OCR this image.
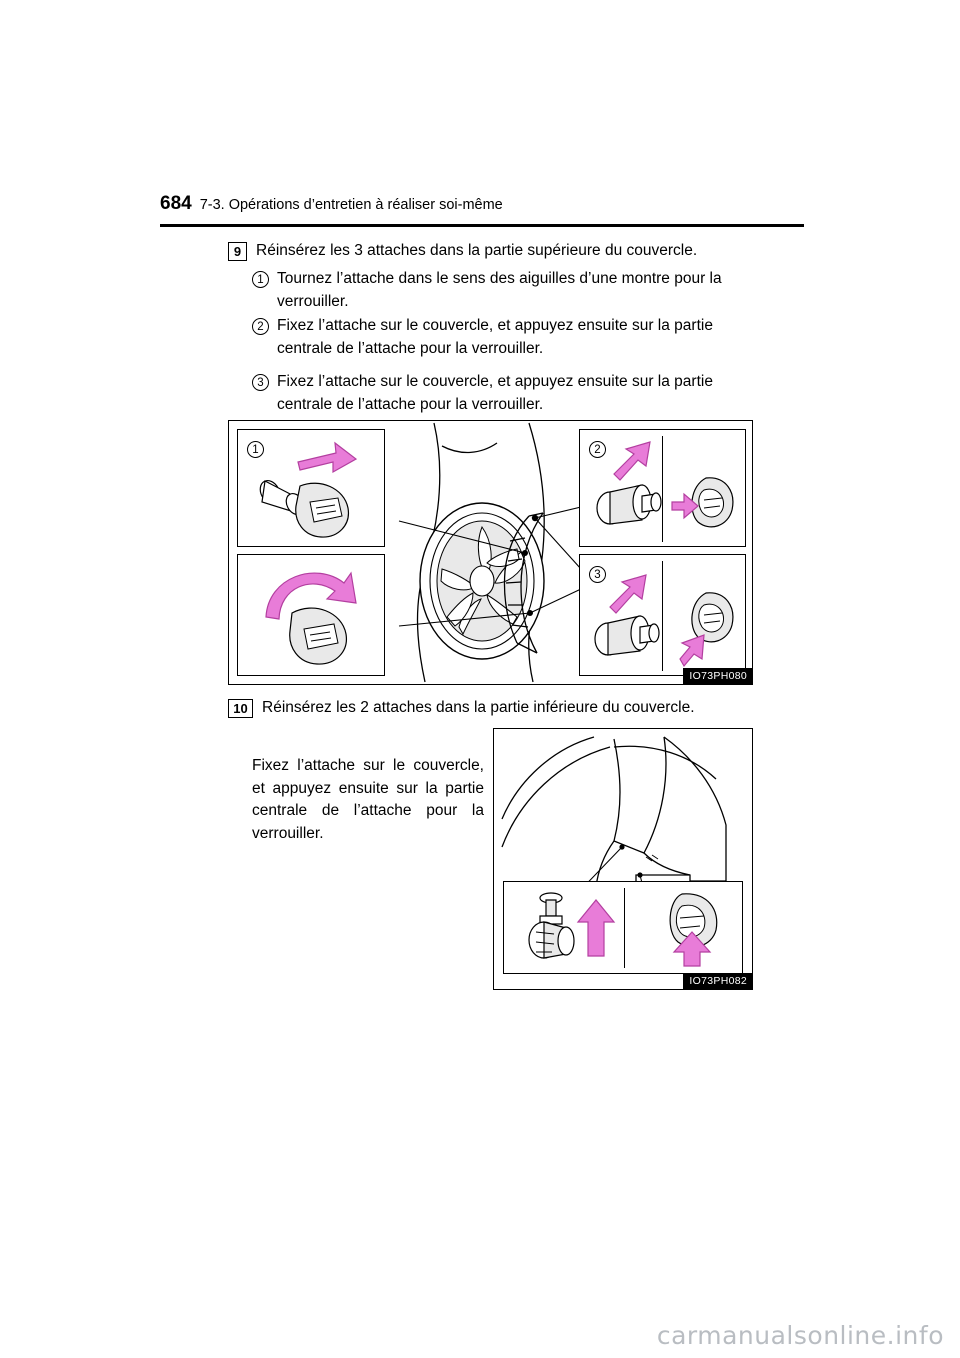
684 7-3. Opérations d’entretien à réaliser soi-même
9 Réinsérez les 3 attaches dans la partie supérieure du couvercle.
1 Tournez l’attache dans le sens des aiguilles d’une montre pour la verrouiller.
2 Fixez l’attache sur le couvercle, et appuyez ensuite sur la partie centrale de l’attache pour la verrouiller.
3 Fixez l’attache sur le couvercle, et appuyez ensuite sur la partie centrale de l’attache pour la verrouiller.
1	2
3
IO73PH080
10 Réinsérez les 2 attaches dans la partie inférieure du couvercle.
Fixez l’attache sur le couvercle, et appuyez ensuite sur la partie centrale de l’attache pour la verrouiller.
IO73PH082
carmanualsonline.info
